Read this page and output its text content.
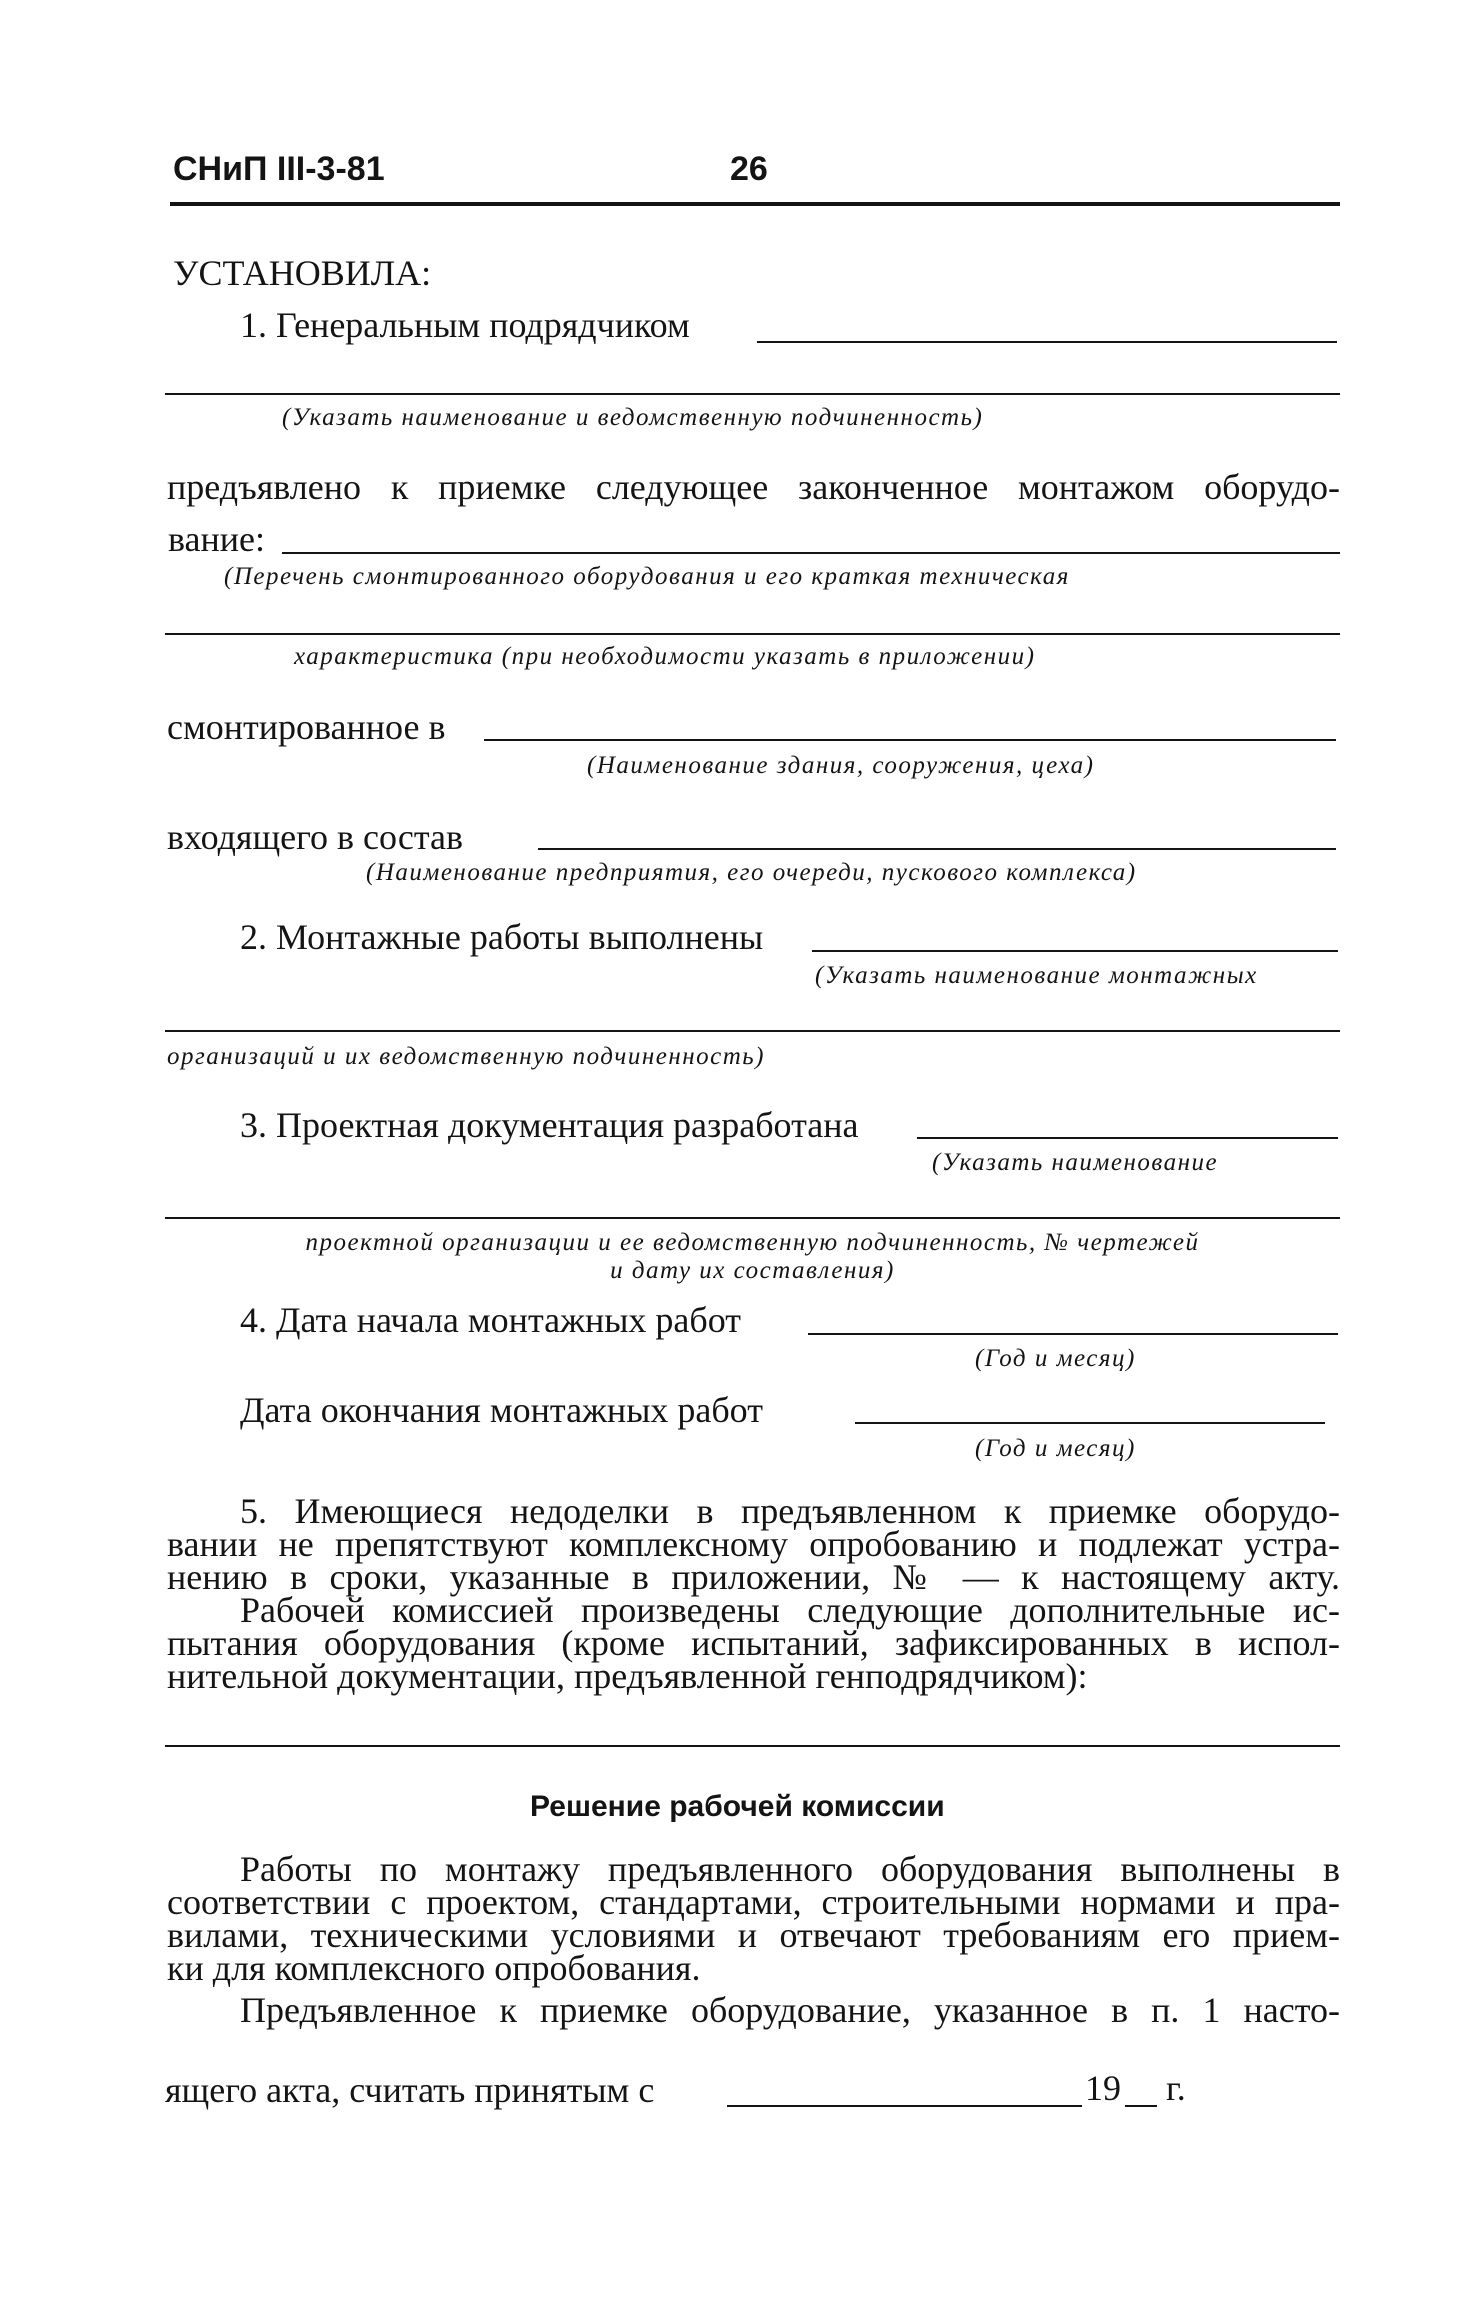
СНиП III-3-81	26
УСТАНОВИЛА:
1. Генеральным подрядчиком
(Указать наименование и ведомственную подчиненность)
предъявлено к приемке следующее законченное монтажом оборудо-
вание:
(Перечень смонтированного оборудования и его краткая техническая
характеристика (при необходимости указать в приложении)
смонтированное в
(Наименование здания, сооружения, цеха)
входящего в состав
(Наименование предприятия, его очереди, пускового комплекса)
2. Монтажные работы выполнены
(Указать наименование монтажных
организаций и их ведомственную подчиненность)
3. Проектная документация разработана
(Указать наименование
проектной организации и ее ведомственную подчиненность, № чертежей
и дату их составления)
4. Дата начала монтажных работ
(Год и месяц)
Дата окончания монтажных работ
(Год и месяц)
5. Имеющиеся недоделки в предъявленном к приемке оборудо-
вании не препятствуют комплексному опробованию и подлежат устра-
нению в сроки, указанные в приложении, № — к настоящему акту.
Рабочей комиссией произведены следующие дополнительные ис-
пытания оборудования (кроме испытаний, зафиксированных в испол-
нительной документации, предъявленной генподрядчиком):
Решение рабочей комиссии
Работы по монтажу предъявленного оборудования выполнены в
соответствии с проектом, стандартами, строительными нормами и пра-
вилами, техническими условиями и отвечают требованиям его прием-
ки для комплексного опробования.
Предъявленное к приемке оборудование, указанное в п. 1 насто-
ящего акта, считать принятым с	19 г.
